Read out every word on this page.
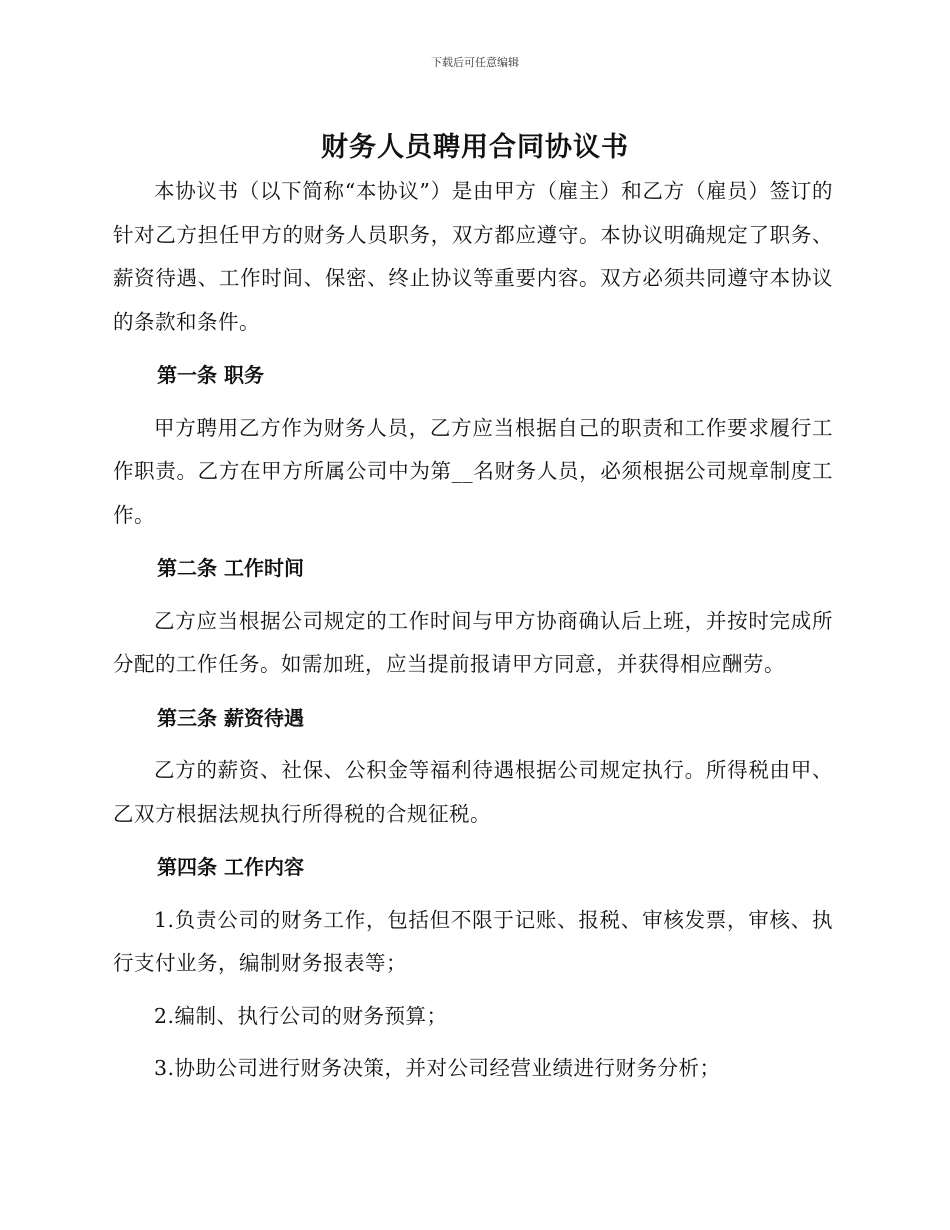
下载后可任意编辑
财务人员聘用合同协议书

本协议书（以下简称“本协议”）是由甲方（雇主）和乙方（雇员）签订的针对乙方担任甲方的财务人员职务，双方都应遵守。本协议明确规定了职务、薪资待遇、工作时间、保密、终止协议等重要内容。双方必须共同遵守本协议的条款和条件。

第一条 职务

甲方聘用乙方作为财务人员，乙方应当根据自己的职责和工作要求履行工作职责。乙方在甲方所属公司中为第__名财务人员，必须根据公司规章制度工作。

第二条 工作时间

乙方应当根据公司规定的工作时间与甲方协商确认后上班，并按时完成所分配的工作任务。如需加班，应当提前报请甲方同意，并获得相应酬劳。

第三条 薪资待遇

乙方的薪资、社保、公积金等福利待遇根据公司规定执行。所得税由甲、乙双方根据法规执行所得税的合规征税。

第四条 工作内容

1.负责公司的财务工作，包括但不限于记账、报税、审核发票，审核、执行支付业务，编制财务报表等；

2.编制、执行公司的财务预算；

3.协助公司进行财务决策，并对公司经营业绩进行财务分析；
